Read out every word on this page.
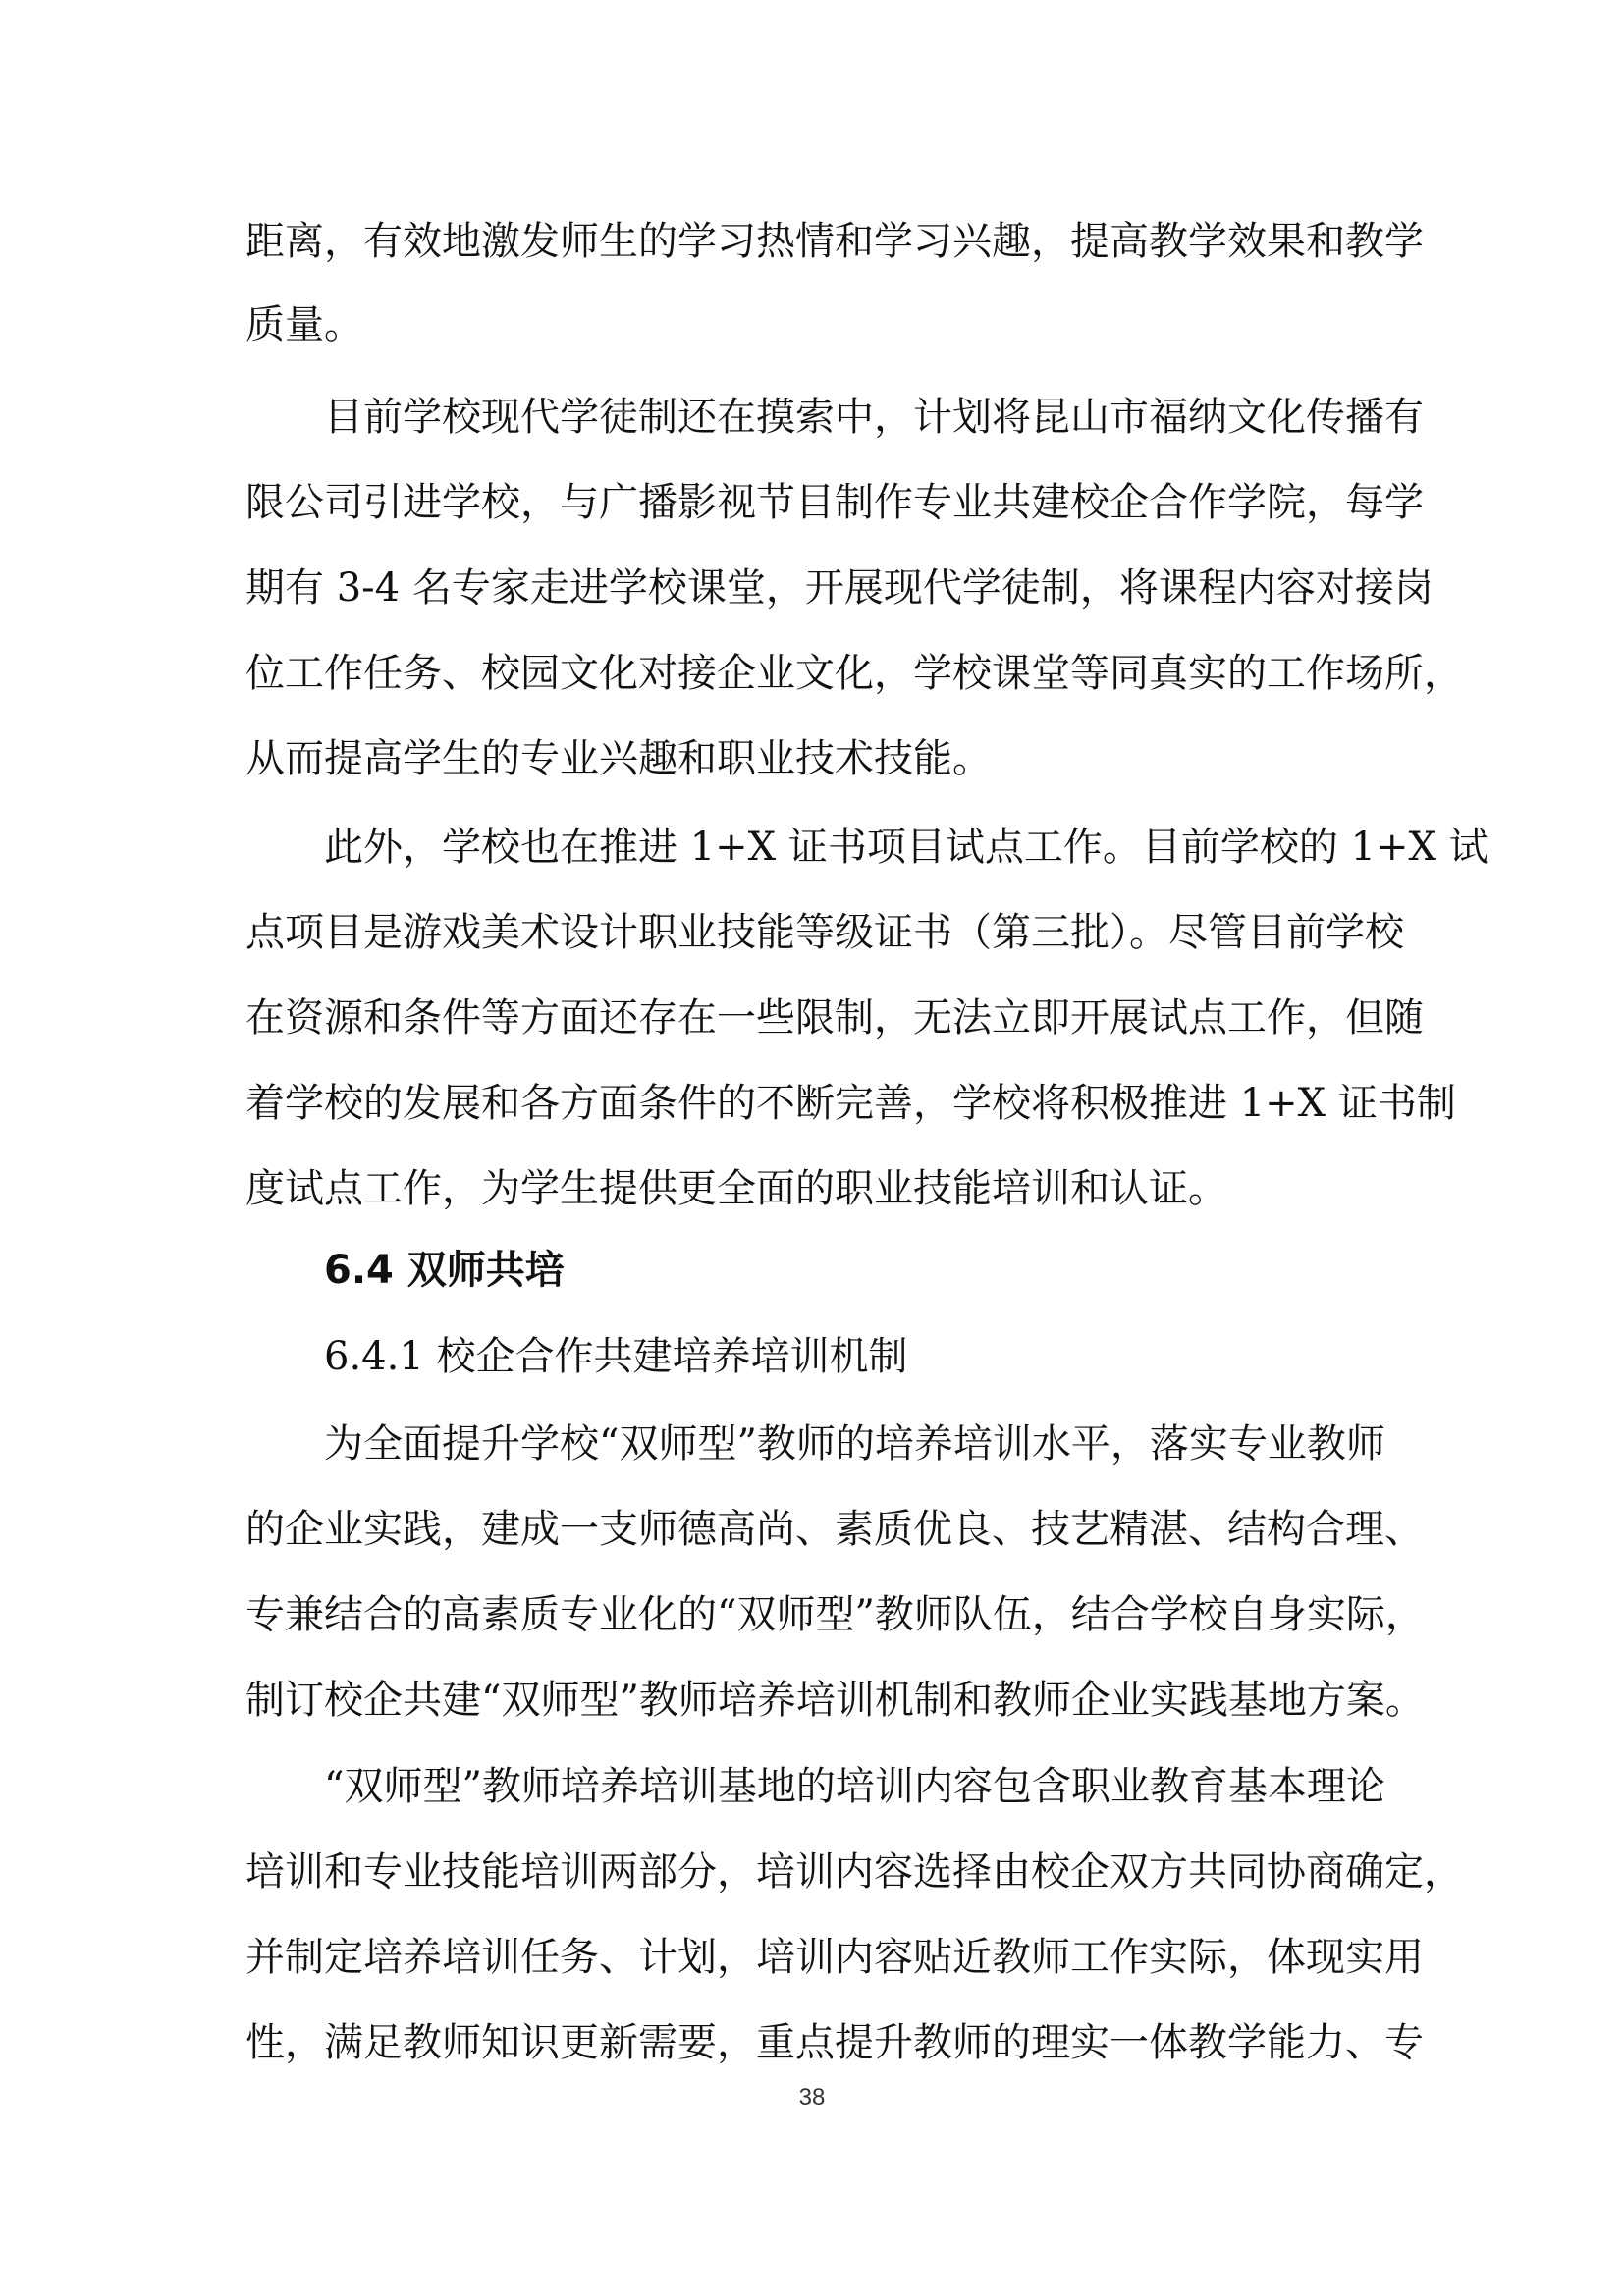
距离，有效地激发师生的学习热情和学习兴趣，提高教学效果和教学
质量。
目前学校现代学徒制还在摸索中，计划将昆山市福纳文化传播有
限公司引进学校，与广播影视节目制作专业共建校企合作学院，每学
期有 3-4 名专家走进学校课堂，开展现代学徒制，将课程内容对接岗
位工作任务、校园文化对接企业文化，学校课堂等同真实的工作场所，
从而提高学生的专业兴趣和职业技术技能。
此外，学校也在推进 1+X 证书项目试点工作。目前学校的 1+X 试
点项目是游戏美术设计职业技能等级证书（第三批）。尽管目前学校
在资源和条件等方面还存在一些限制，无法立即开展试点工作，但随
着学校的发展和各方面条件的不断完善，学校将积极推进 1+X 证书制
度试点工作，为学生提供更全面的职业技能培训和认证。
6.4 双师共培
6.4.1 校企合作共建培养培训机制
为全面提升学校“双师型”教师的培养培训水平，落实专业教师
的企业实践，建成一支师德高尚、素质优良、技艺精湛、结构合理、
专兼结合的高素质专业化的“双师型”教师队伍，结合学校自身实际，
制订校企共建“双师型”教师培养培训机制和教师企业实践基地方案。
“双师型”教师培养培训基地的培训内容包含职业教育基本理论
培训和专业技能培训两部分，培训内容选择由校企双方共同协商确定，
并制定培养培训任务、计划，培训内容贴近教师工作实际，体现实用
性，满足教师知识更新需要，重点提升教师的理实一体教学能力、专
38
